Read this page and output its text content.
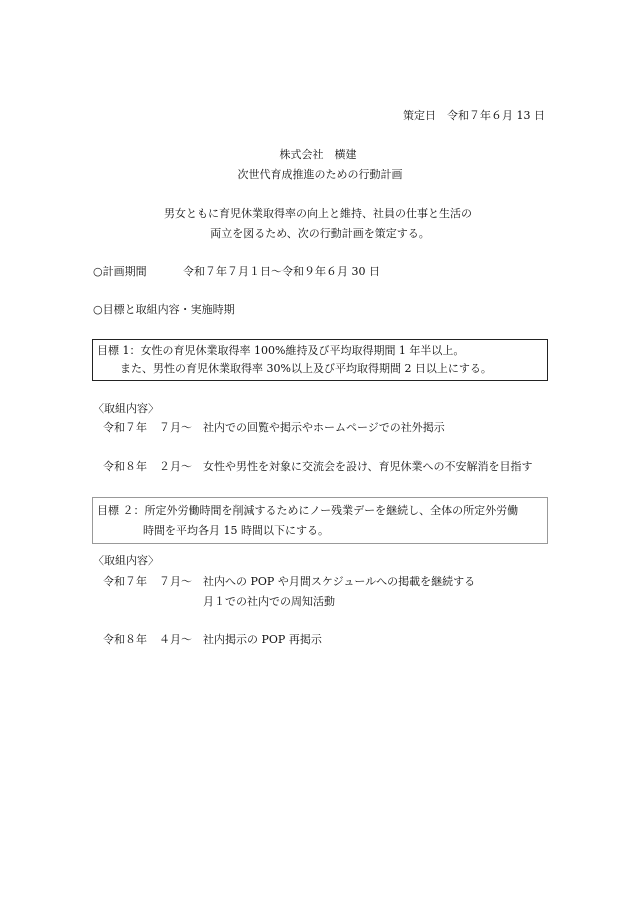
策定日　令和７年６月 13 日
株式会社　横建
次世代育成推進のための行動計画
男女ともに育児休業取得率の向上と維持、社員の仕事と生活の
両立を図るため、次の行動計画を策定する。
○計画期間	令和７年７月１日～令和９年６月 30 日
○目標と取組内容・実施時期
目標 1：女性の育児休業取得率 100%維持及び平均取得期間 1 年半以上。
また、男性の育児休業取得率 30%以上及び平均取得期間 2 日以上にする。
〈取組内容〉
令和７年 ７月～ 社内での回覧や掲示やホームページでの社外掲示
令和８年 ２月～ 女性や男性を対象に交流会を設け、育児休業への不安解消を目指す
目標 ２：所定外労働時間を削減するためにノー残業デーを継続し、全体の所定外労働
時間を平均各月 15 時間以下にする。
〈取組内容〉
令和７年 ７月～ 社内への POP や月間スケジュールへの掲載を継続する
月１での社内での周知活動
令和８年 ４月～ 社内掲示の POP 再掲示
